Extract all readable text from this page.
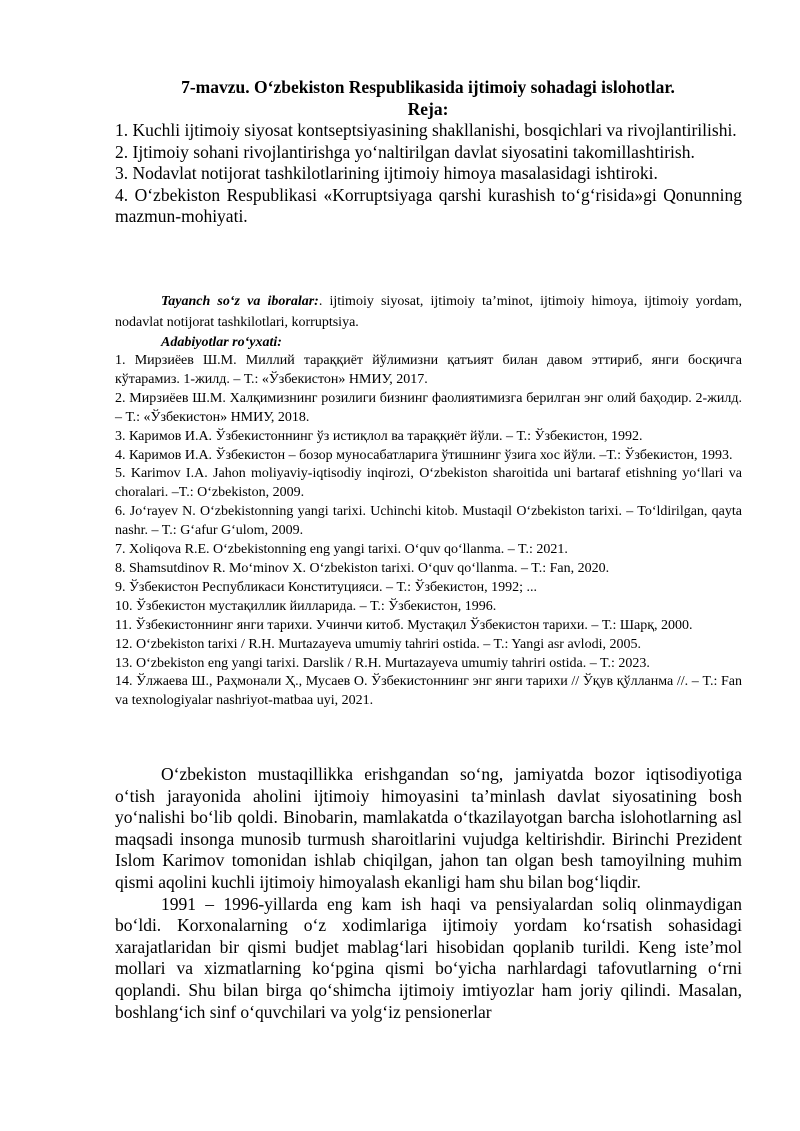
7-mavzu. O‘zbekiston Respublikasida ijtimoiy sohadagi islohotlar.
Reja:

1. Kuchli ijtimoiy siyosat kontseptsiyasining shakllanishi, bosqichlari va rivojlantirilishi.

2. Ijtimoiy sohani rivojlantirishga yo‘naltirilgan davlat siyosatini takomillashtirish.

3. Nodavlat notijorat tashkilotlarining ijtimoiy himoya masalasidagi ishtiroki.

4. O‘zbekiston Respublikasi «Korruptsiyaga qarshi kurashish to‘g‘risida»gi Qonunning mazmun-mohiyati.

Tayanch so‘z va iboralar:. ijtimoiy siyosat, ijtimoiy ta’minot, ijtimoiy himoya, ijtimoiy yordam, nodavlat notijorat tashkilotlari, korruptsiya.
Adabiyotlar ro‘yxati:

1. Мирзиёев Ш.М. Миллий тараққиёт йўлимизни қатъият билан давом эттириб, янги босқичга кўтарамиз. 1-жилд. – Т.: «Ўзбекистон» НМИУ, 2017.

2. Мирзиёев Ш.М. Халқимизнинг розилиги бизнинг фаолиятимизга берилган энг олий баҳодир. 2-жилд. – Т.: «Ўзбекистон» НМИУ, 2018.

3. Каримов И.А. Ўзбекистоннинг ўз истиқлол ва тараққиёт йўли. – Т.: Ўзбекистон, 1992.

4. Каримов И.А. Ўзбекистон – бозор муносабатларига ўтишнинг ўзига хос йўли. –Т.: Ўзбекистон, 1993.

5. Karimov I.A. Jahon moliyaviy-iqtisodiy inqirozi, O‘zbekiston sharoitida uni bartaraf etishning yo‘llari va choralari. –T.: O‘zbekiston, 2009.

6. Jo‘rayev N. O‘zbekistonning yangi tarixi. Uchinchi kitob. Mustaqil O‘zbekiston tarixi. – To‘ldirilgan, qayta nashr. – T.: G‘afur G‘ulom, 2009.

7. Xoliqova R.E. O‘zbekistonning eng yangi tarixi. O‘quv qo‘llanma. – T.: 2021.

8. Shamsutdinov R. Mo‘minov X. O‘zbekiston tarixi. O‘quv qo‘llanma. – T.: Fan, 2020.

9. Ўзбекистон Республикаси Конституцияси. – Т.: Ўзбекистон, 1992; ...

10. Ўзбекистон мустақиллик йилларида. – Т.: Ўзбекистон, 1996.

11. Ўзбекистоннинг янги тарихи. Учинчи китоб. Мустақил Ўзбекистон тарихи. – Т.: Шарқ, 2000.

12. O‘zbekiston tarixi / R.H. Murtazayeva umumiy tahriri ostida. – T.: Yangi asr avlodi, 2005.

13. O‘zbekiston eng yangi tarixi. Darslik / R.H. Murtazayeva umumiy tahriri ostida. – T.: 2023.

14. Ўлжаева Ш., Раҳмонали Ҳ., Мусаев О. Ўзбекистоннинг энг янги тарихи // Ўқув қўлланма //. – T.: Fan va texnologiyalar nashriyot-matbaa uyi, 2021.

O‘zbekiston mustaqillikka erishgandan so‘ng, jamiyatda bozor iqtisodiyotiga o‘tish jarayonida aholini ijtimoiy himoyasini ta’minlash davlat siyosatining bosh yo‘nalishi bo‘lib qoldi. Binobarin, mamlakatda o‘tkazilayotgan barcha islohotlarning asl maqsadi insonga munosib turmush sharoitlarini vujudga keltirishdir. Birinchi Prezident Islom Karimov tomonidan ishlab chiqilgan, jahon tan olgan besh tamoyilning muhim qismi aqolini kuchli ijtimoiy himoyalash ekanligi ham shu bilan bog‘liqdir.

1991 – 1996-yillarda eng kam ish haqi va pensiyalardan soliq olinmaydigan bo‘ldi. Korxonalarning o‘z xodimlariga ijtimoiy yordam ko‘rsatish sohasidagi xarajatlaridan bir qismi budjet mablag‘lari hisobidan qoplanib turildi. Keng iste’mol mollari va xizmatlarning ko‘pgina qismi bo‘yicha narhlardagi tafovutlarning o‘rni qoplandi. Shu bilan birga qo‘shimcha ijtimoiy imtiyozlar ham joriy qilindi. Masalan, boshlang‘ich sinf o‘quvchilari va yolg‘iz pensionerlar
